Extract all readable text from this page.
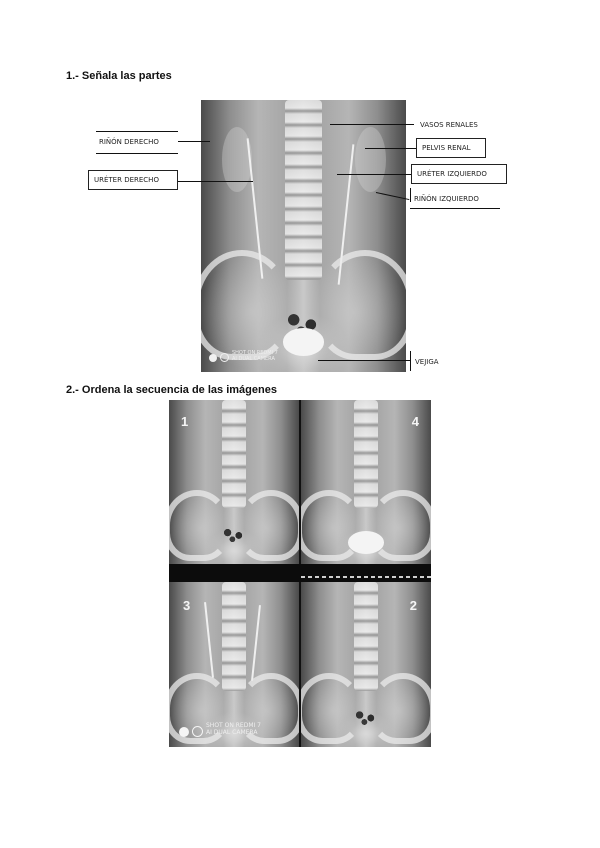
1.- Señala las partes
SHOT ON REDMI 7
AI DUAL CAMERA
RIÑÓN DERECHO
URÉTER DERECHO
VASOS RENALES
PELVIS RENAL
URÉTER IZQUIERDO
RIÑÓN IZQUIERDO
VEJIGA
2.- Ordena la secuencia de las imágenes
1	4
3
SHOT ON REDMI 7
AI DUAL CAMERA
2
